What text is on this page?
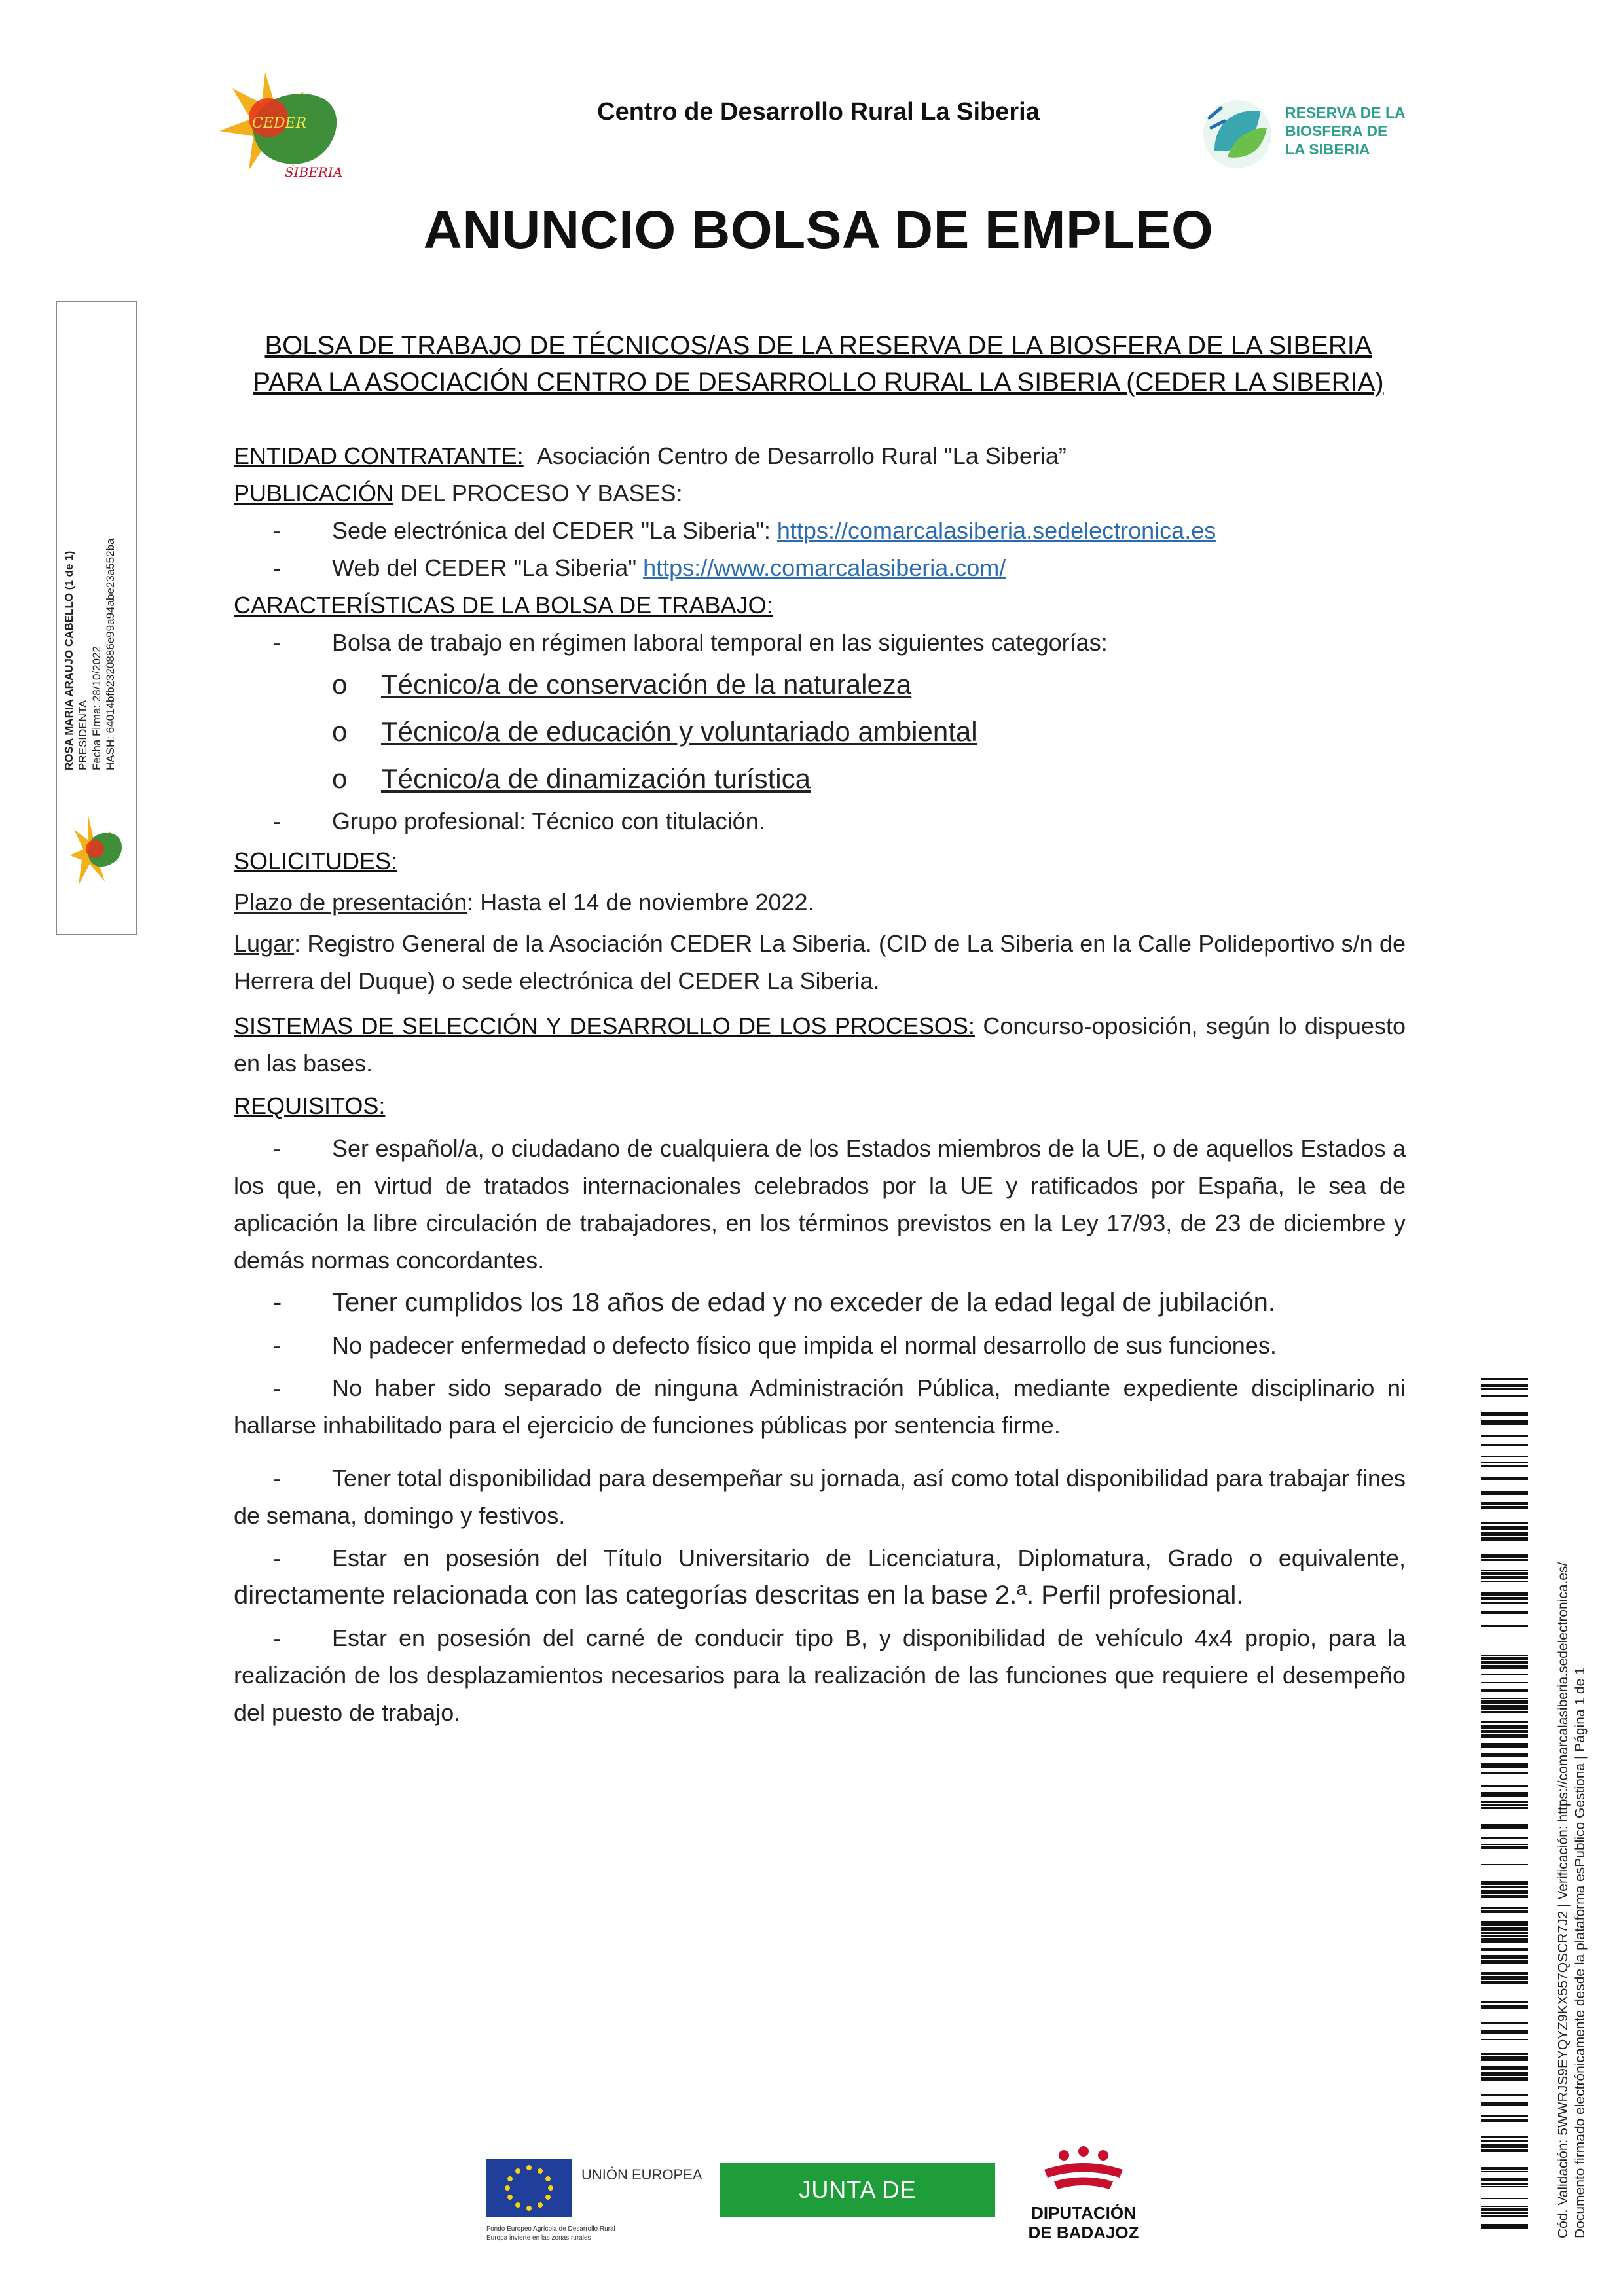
CEDER
SIBERIA
Centro de Desarrollo Rural La Siberia	RESERVA DE LA
BIOSFERA DE
LA SIBERIA
ANUNCIO BOLSA DE EMPLEO
ROSA MARIA ARAUJO CABELLO (1 de 1) PRESIDENTA Fecha Firma: 28/10/2022 HASH: 64014bfb2320886e99a94abe23a552ba
BOLSA DE TRABAJO DE TÉCNICOS/AS DE LA RESERVA DE LA BIOSFERA DE LA SIBERIA
PARA LA ASOCIACIÓN CENTRO DE DESARROLLO RURAL LA SIBERIA (CEDER LA SIBERIA)

ENTIDAD CONTRATANTE: Asociación Centro de Desarrollo Rural "La Siberia”

PUBLICACIÓN DEL PROCESO Y BASES:

- Sede electrónica del CEDER "La Siberia": https://comarcalasiberia.sedelectronica.es

- Web del CEDER "La Siberia" https://www.comarcalasiberia.com/

CARACTERÍSTICAS DE LA BOLSA DE TRABAJO:

- Bolsa de trabajo en régimen laboral temporal en las siguientes categorías:

o Técnico/a de conservación de la naturaleza

o Técnico/a de educación y voluntariado ambiental

o Técnico/a de dinamización turística

- Grupo profesional: Técnico con titulación.

SOLICITUDES:

Plazo de presentación: Hasta el 14 de noviembre 2022.

Lugar: Registro General de la Asociación CEDER La Siberia. (CID de La Siberia en la Calle Polideportivo s/n de Herrera del Duque) o sede electrónica del CEDER La Siberia.

SISTEMAS DE SELECCIÓN Y DESARROLLO DE LOS PROCESOS: Concurso-oposición, según lo dispuesto en las bases.

REQUISITOS:

- Ser español/a, o ciudadano de cualquiera de los Estados miembros de la UE, o de aquellos Estados a los que, en virtud de tratados internacionales celebrados por la UE y ratificados por España, le sea de aplicación la libre circulación de trabajadores, en los términos previstos en la Ley 17/93, de 23 de diciembre y demás normas concordantes.

- Tener cumplidos los 18 años de edad y no exceder de la edad legal de jubilación.

- No padecer enfermedad o defecto físico que impida el normal desarrollo de sus funciones.

- No haber sido separado de ninguna Administración Pública, mediante expediente disciplinario ni hallarse inhabilitado para el ejercicio de funciones públicas por sentencia firme.

- Tener total disponibilidad para desempeñar su jornada, así como total disponibilidad para trabajar fines de semana, domingo y festivos.

- Estar en posesión del Título Universitario de Licenciatura, Diplomatura, Grado o equivalente, directamente relacionada con las categorías descritas en la base 2.ª. Perfil profesional.

- Estar en posesión del carné de conducir tipo B, y disponibilidad de vehículo 4x4 propio, para la realización de los desplazamientos necesarios para la realización de las funciones que requiere el desempeño del puesto de trabajo.	Cód. Validación: 5WWRJS9EYQYZ9KX557QSCR7J2 | Verificación: https://comarcalasiberia.sedelectronica.es/ Documento firmado electrónicamente desde la plataforma esPublico Gestiona | Página 1 de 1
UNIÓN EUROPEA
Fondo Europeo Agrícola de Desarrollo Rural
Europa invierte en las zonas rurales
JUNTA DE EXTREMADURA
DIPUTACIÓN
DE BADAJOZ
